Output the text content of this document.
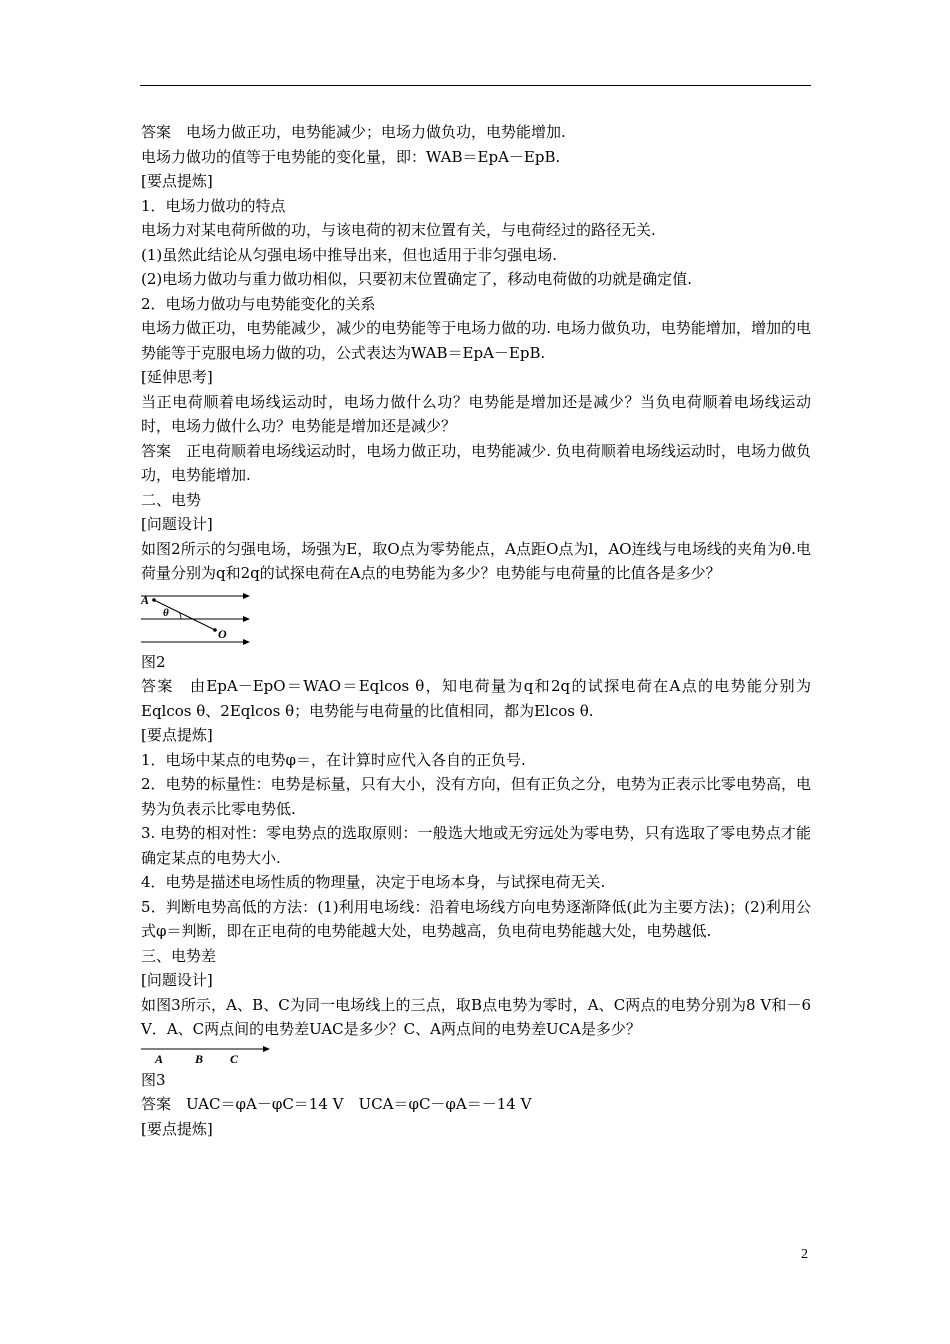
答案　电场力做正功，电势能减少；电场力做负功，电势能增加.

电场力做功的值等于电势能的变化量，即：WAB＝EpA－EpB.

[要点提炼]

1．电场力做功的特点

电场力对某电荷所做的功，与该电荷的初末位置有关，与电荷经过的路径无关.

(1)虽然此结论从匀强电场中推导出来，但也适用于非匀强电场.

(2)电场力做功与重力做功相似，只要初末位置确定了，移动电荷做的功就是确定值.

2．电场力做功与电势能变化的关系

电场力做正功，电势能减少，减少的电势能等于电场力做的功. 电场力做负功，电势能增加，增加的电势能等于克服电场力做的功，公式表达为WAB＝EpA－EpB.

[延伸思考]

当正电荷顺着电场线运动时，电场力做什么功？电势能是增加还是减少？当负电荷顺着电场线运动时，电场力做什么功？电势能是增加还是减少？

答案　正电荷顺着电场线运动时，电场力做正功，电势能减少. 负电荷顺着电场线运动时，电场力做负功，电势能增加.

二、电势

[问题设计]

如图2所示的匀强电场，场强为E，取O点为零势能点，A点距O点为l，AO连线与电场线的夹角为θ.电荷量分别为q和2q的试探电荷在A点的电势能为多少？电势能与电荷量的比值各是多少？

A
θ
O

图2

答案　由EpA－EpO＝WAO＝Eqlcos θ，知电荷量为q和2q的试探电荷在A点的电势能分别为Eqlcos θ、2Eqlcos θ；电势能与电荷量的比值相同，都为Elcos θ.

[要点提炼]

1．电场中某点的电势φ＝，在计算时应代入各自的正负号.

2．电势的标量性：电势是标量，只有大小，没有方向，但有正负之分，电势为正表示比零电势高，电势为负表示比零电势低.

3. 电势的相对性：零电势点的选取原则：一般选大地或无穷远处为零电势，只有选取了零电势点才能确定某点的电势大小.

4．电势是描述电场性质的物理量，决定于电场本身，与试探电荷无关.

5．判断电势高低的方法：(1)利用电场线：沿着电场线方向电势逐渐降低(此为主要方法)；(2)利用公式φ＝判断，即在正电荷的电势能越大处，电势越高，负电荷电势能越大处，电势越低.

三、电势差

[问题设计]

如图3所示，A、B、C为同一电场线上的三点，取B点电势为零时，A、C两点的电势分别为8 V和－6 V．A、C两点间的电势差UAC是多少？C、A两点间的电势差UCA是多少？

A	B C

图3

答案　UAC＝φA－φC＝14 V　UCA＝φC－φA＝－14 V

[要点提炼]

2
